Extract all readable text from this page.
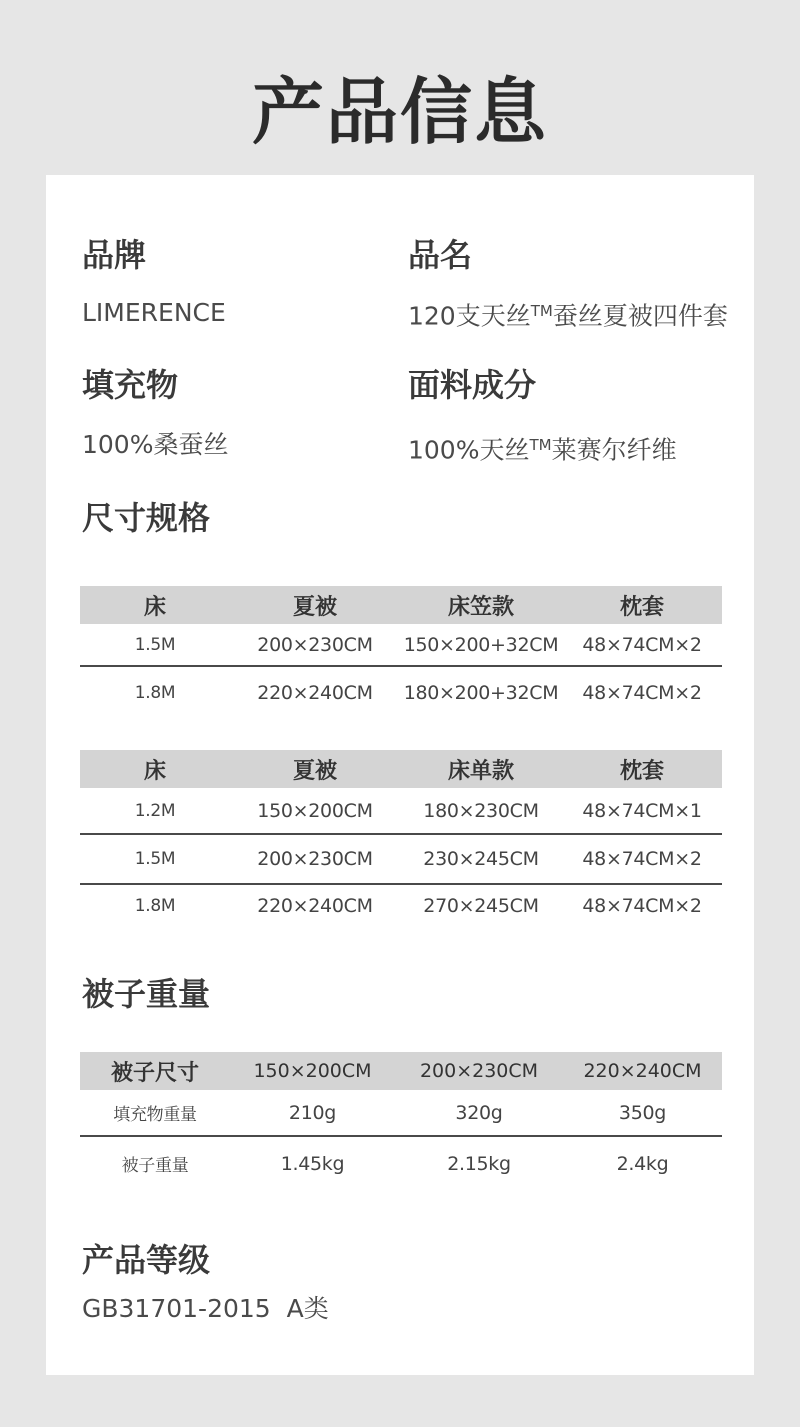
产品信息
品牌
LIMERENCE
品名
120支天丝™蚕丝夏被四件套
填充物
100%桑蚕丝
面料成分
100%天丝™莱赛尔纤维
尺寸规格
床	夏被	床笠款	枕套
1.5M	200×230CM	150×200+32CM	48×74CM×2
1.8M	220×240CM	180×200+32CM	48×74CM×2
床	夏被	床单款	枕套
1.2M	150×200CM	180×230CM	48×74CM×1
1.5M	200×230CM	230×245CM	48×74CM×2
1.8M	220×240CM	270×245CM	48×74CM×2
被子重量
被子尺寸	150×200CM	200×230CM	220×240CM
填充物重量	210g	320g	350g
被子重量	1.45kg	2.15kg	2.4kg
产品等级
GB31701-2015  A类
